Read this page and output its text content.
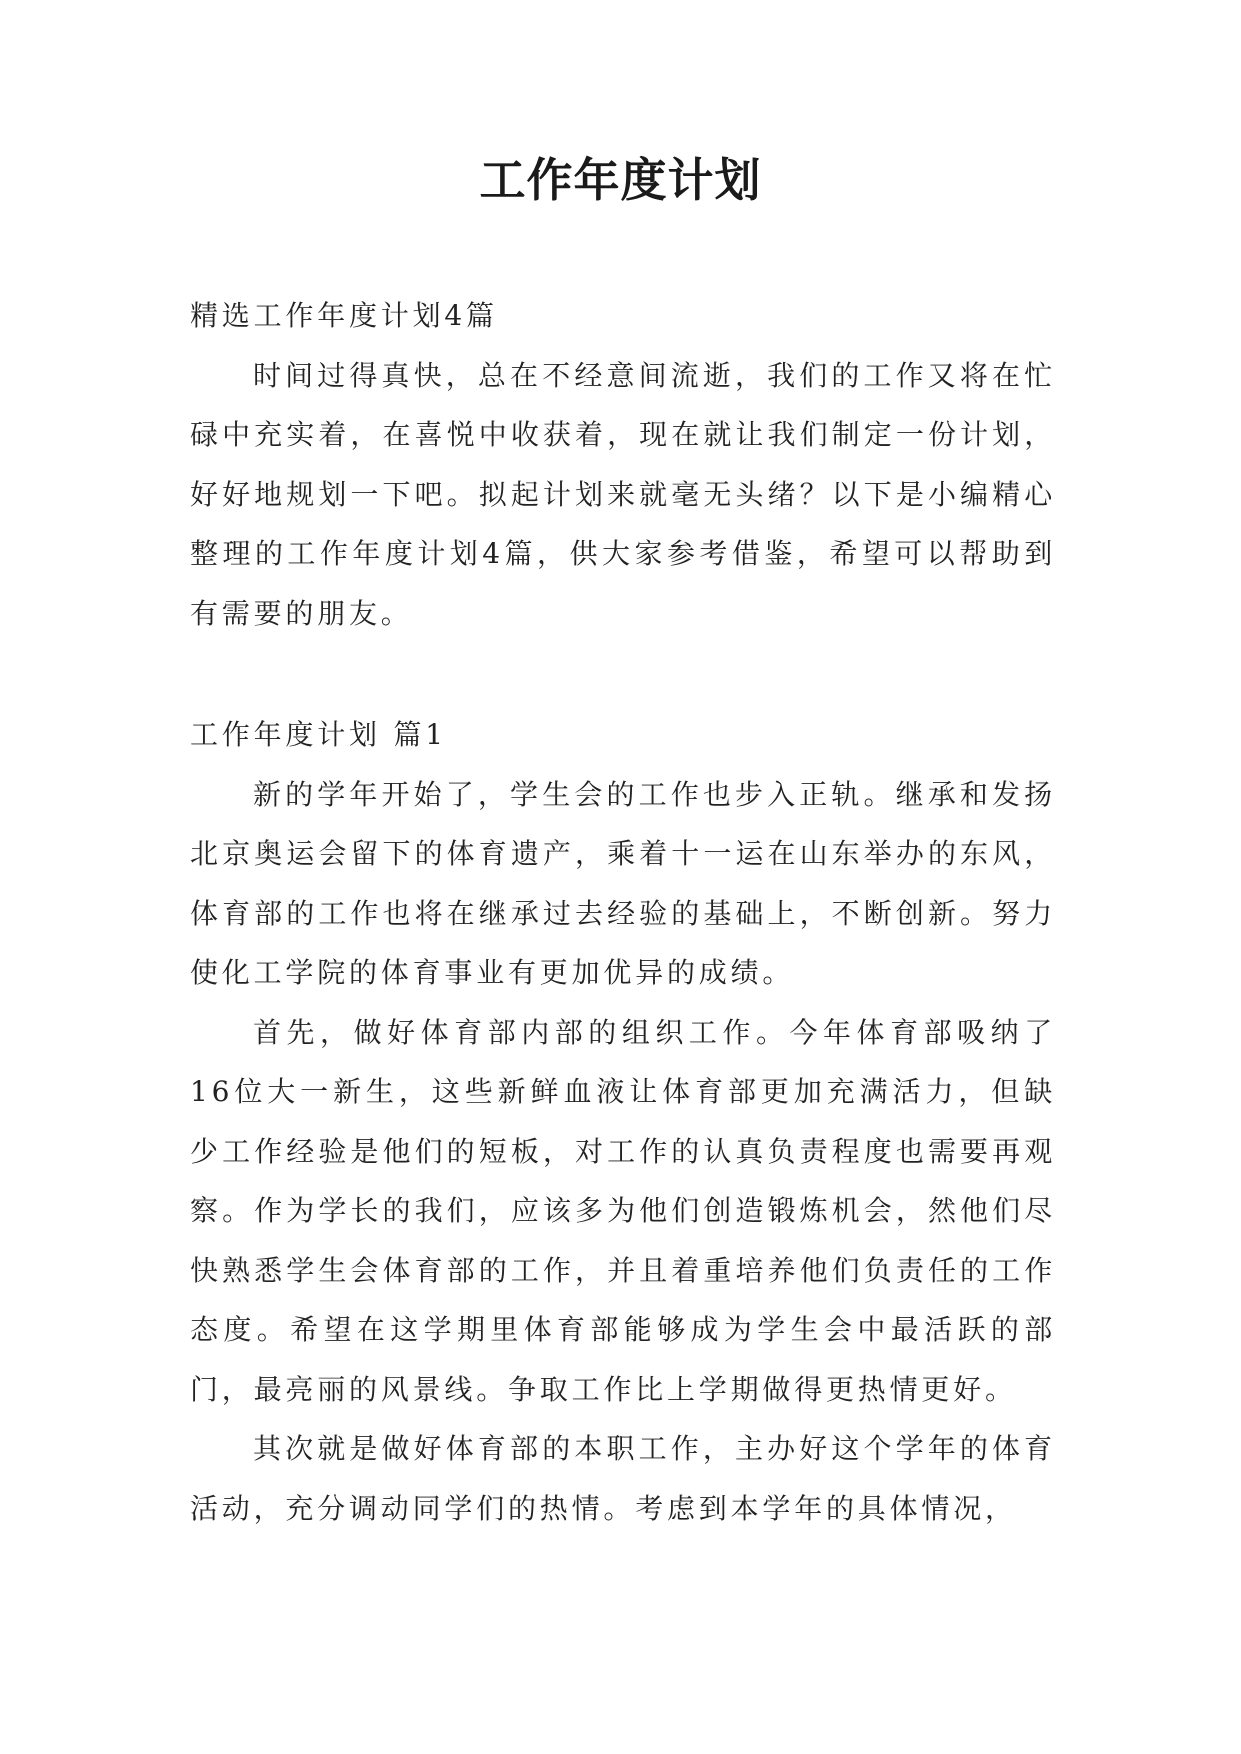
工作年度计划

精选工作年度计划4篇

时间过得真快，总在不经意间流逝，我们的工作又将在忙碌中充实着，在喜悦中收获着，现在就让我们制定一份计划，好好地规划一下吧。拟起计划来就毫无头绪？以下是小编精心整理的工作年度计划4篇，供大家参考借鉴，希望可以帮助到有需要的朋友。

工作年度计划 篇1

新的学年开始了，学生会的工作也步入正轨。继承和发扬北京奥运会留下的体育遗产，乘着十一运在山东举办的东风，体育部的工作也将在继承过去经验的基础上，不断创新。努力使化工学院的体育事业有更加优异的成绩。

首先，做好体育部内部的组织工作。今年体育部吸纳了16位大一新生，这些新鲜血液让体育部更加充满活力，但缺少工作经验是他们的短板，对工作的认真负责程度也需要再观察。作为学长的我们，应该多为他们创造锻炼机会，然他们尽快熟悉学生会体育部的工作，并且着重培养他们负责任的工作态度。希望在这学期里体育部能够成为学生会中最活跃的部门，最亮丽的风景线。争取工作比上学期做得更热情更好。

其次就是做好体育部的本职工作，主办好这个学年的体育活动，充分调动同学们的热情。考虑到本学年的具体情况，
